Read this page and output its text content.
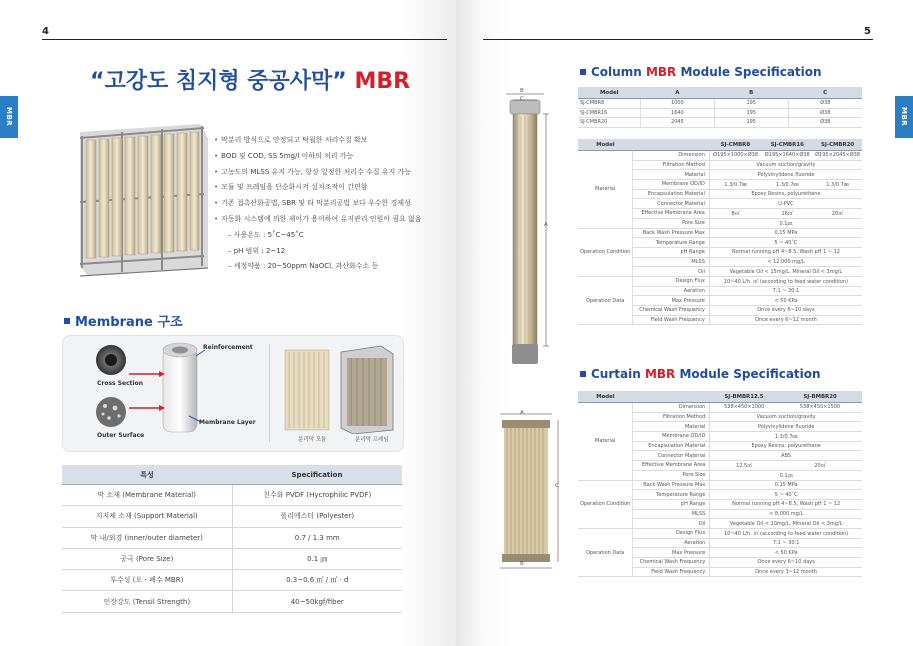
4
MBR
“고강도 침지형 중공사막” MBR
• 막분리 방식으로 안정되고 탁월한 처리수질 확보
• BOD 및 COD, SS 5mg/l 이하의 처리 가능
• 고농도의 MLSS 유지 가능, 항상 일정한 처리수 수질 유지 가능
• 모듈 및 프레임을 단순화시켜 설치조작이 간편함
• 기존 접촉산화공법, SBR 및 타 막분리공법 보다 우수한 경제성
• 자동화 시스템에 의한 제어가 용이하여 유지관리 인원이 필요 없음
– 사용온도 : 5˚C~45˚C
– pH 범위 : 2~12
– 세정약품 : 20~50ppm NaOCl, 과산화수소 등
Membrane 구조
Reinforcement
Cross Section
Outer Surface
Membrane Layer
분리막 모듈	분리막 프레임
특성	Specification
막 소재 (Membrane Material)	친수화 PVDF (Hycrophilic PVDF)
지지체 소재 (Support Material)	폴리에스터 (Polyester)
막 내/외경 (inner/outer diameter)	0.7 / 1.3 mm
공극 (Pore Size)	0.1 ㎛
투수성 (오・폐수 MBR)	0.3~0.6 ㎥ / ㎡ · d
인장강도 (Tensil Strength)	40~50kgf/fiber
5
MBR
Column
MBR
Module Specification
B
C
A
Model	A	B	C
SJ-CMBR8	1000	195	Ø38
SJ-CMBR16	1640	195	Ø38
SJ-CMBR20	2045	195	Ø38
Model		SJ-CMBR8	SJ-CMBR16	SJ-CMBR20
Material	Dimension	Ø195×1000×Ø38	Ø195×1640×Ø38	Ø195×2045×Ø38
	Filtration Method	Vacuum suction/gravity		
	Material	Polyvinylidene fluoride		
	Membrane OD/ID	1.3/0.7㎜	1.3/0.7㎜	1.3/0.7㎜
	Encapsulation Material	Epoxy Resins, polyurethene		
	Connector Material	U-PVC		
	Effective Membrane Area	8㎡	16㎡	20㎡
	Pore Size	0.1㎛		
Operation Condition	Back Wash Pressure Max	0.15 MPa		
	Temperature Range	5 ~ 40˚C		
	pH Range	Normal running pH 4~8.5, Wash pH 1 ~ 12		
	MLSS	< 12,000 mg/L		
	Oil	Vegetable Oil < 15mg/L, Mineral Oil < 3mg/L		
Operation Data	Design Flux	10~40 L/h. ㎡ (according to feed water condition)		
	Aeration	7:1 ~ 30:1		
	Max Pressure	< 50 KPa		
	Chemical Wash Frequency	Once every 6~10 days		
	Field Wash Frequency	Once every 6~12 month		
Curtain
MBR
Module Specification
A
B
C
Model		SJ-BMBR12.5	SJ-BMBR20
Material	Dimension	538×450×1000	538×450×1500
	Filtration Method	Vacuum suction/gravity	
	Material	Polyvinylidene fluoride	
	Membrane OD/ID	1.3/0.7㎜	
	Encapsulation Material	Epoxy Resins, polyurethene	
	Connector Material	ABS	
	Effective Membrane Area	12.5㎡	20㎡
	Pore Size	0.1㎛	
Operation Condition	Back Wash Pressure Max	0.15 MPa	
	Temperature Range	5 ~ 40˚C	
	pH Range	Normal running pH 4~8.5, Wash pH 1 ~ 12	
	MLSS	< 8,000 mg/L	
	Oil	Vegetable Oil < 10mg/L, Mineral Oil < 3mg/L	
Operation Data	Design Flux	10~40 L/h. ㎡ (according to feed water condition)	
	Aeration	7:1 ~ 30:1	
	Max Pressure	< 50 KPa	
	Chemical Wash Frequency	Once every 6~10 days	
	Field Wash Frequency	Once every 3~12 month	
